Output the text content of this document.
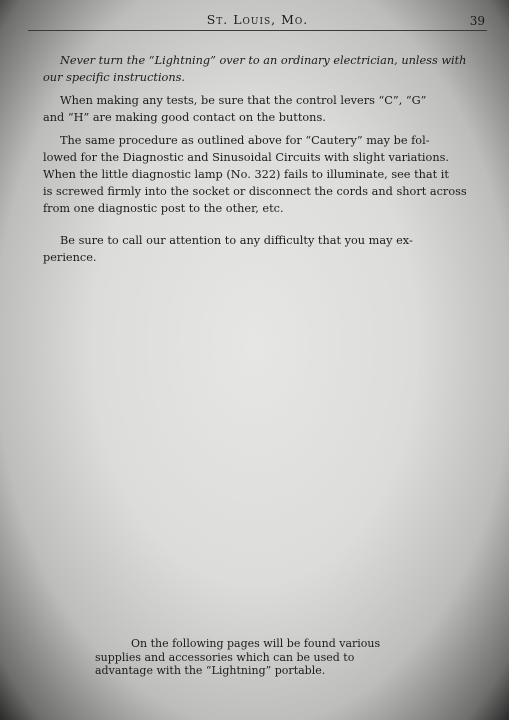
St. Louis, Mo.	39
Never turn the “Lightning” over to an ordinary electrician, unless with
our specific instructions.
When making any tests, be sure that the control levers “C”, “G”
and “H” are making good contact on the buttons.
The same procedure as outlined above for “Cautery” may be fol-
lowed for the Diagnostic and Sinusoidal Circuits with slight variations.
When the little diagnostic lamp (No. 322) fails to illuminate, see that it
is screwed firmly into the socket or disconnect the cords and short across
from one diagnostic post to the other, etc.
Be sure to call our attention to any difficulty that you may ex-
perience.
On the following pages will be found various
supplies and accessories which can be used to
advantage with the “Lightning” portable.
